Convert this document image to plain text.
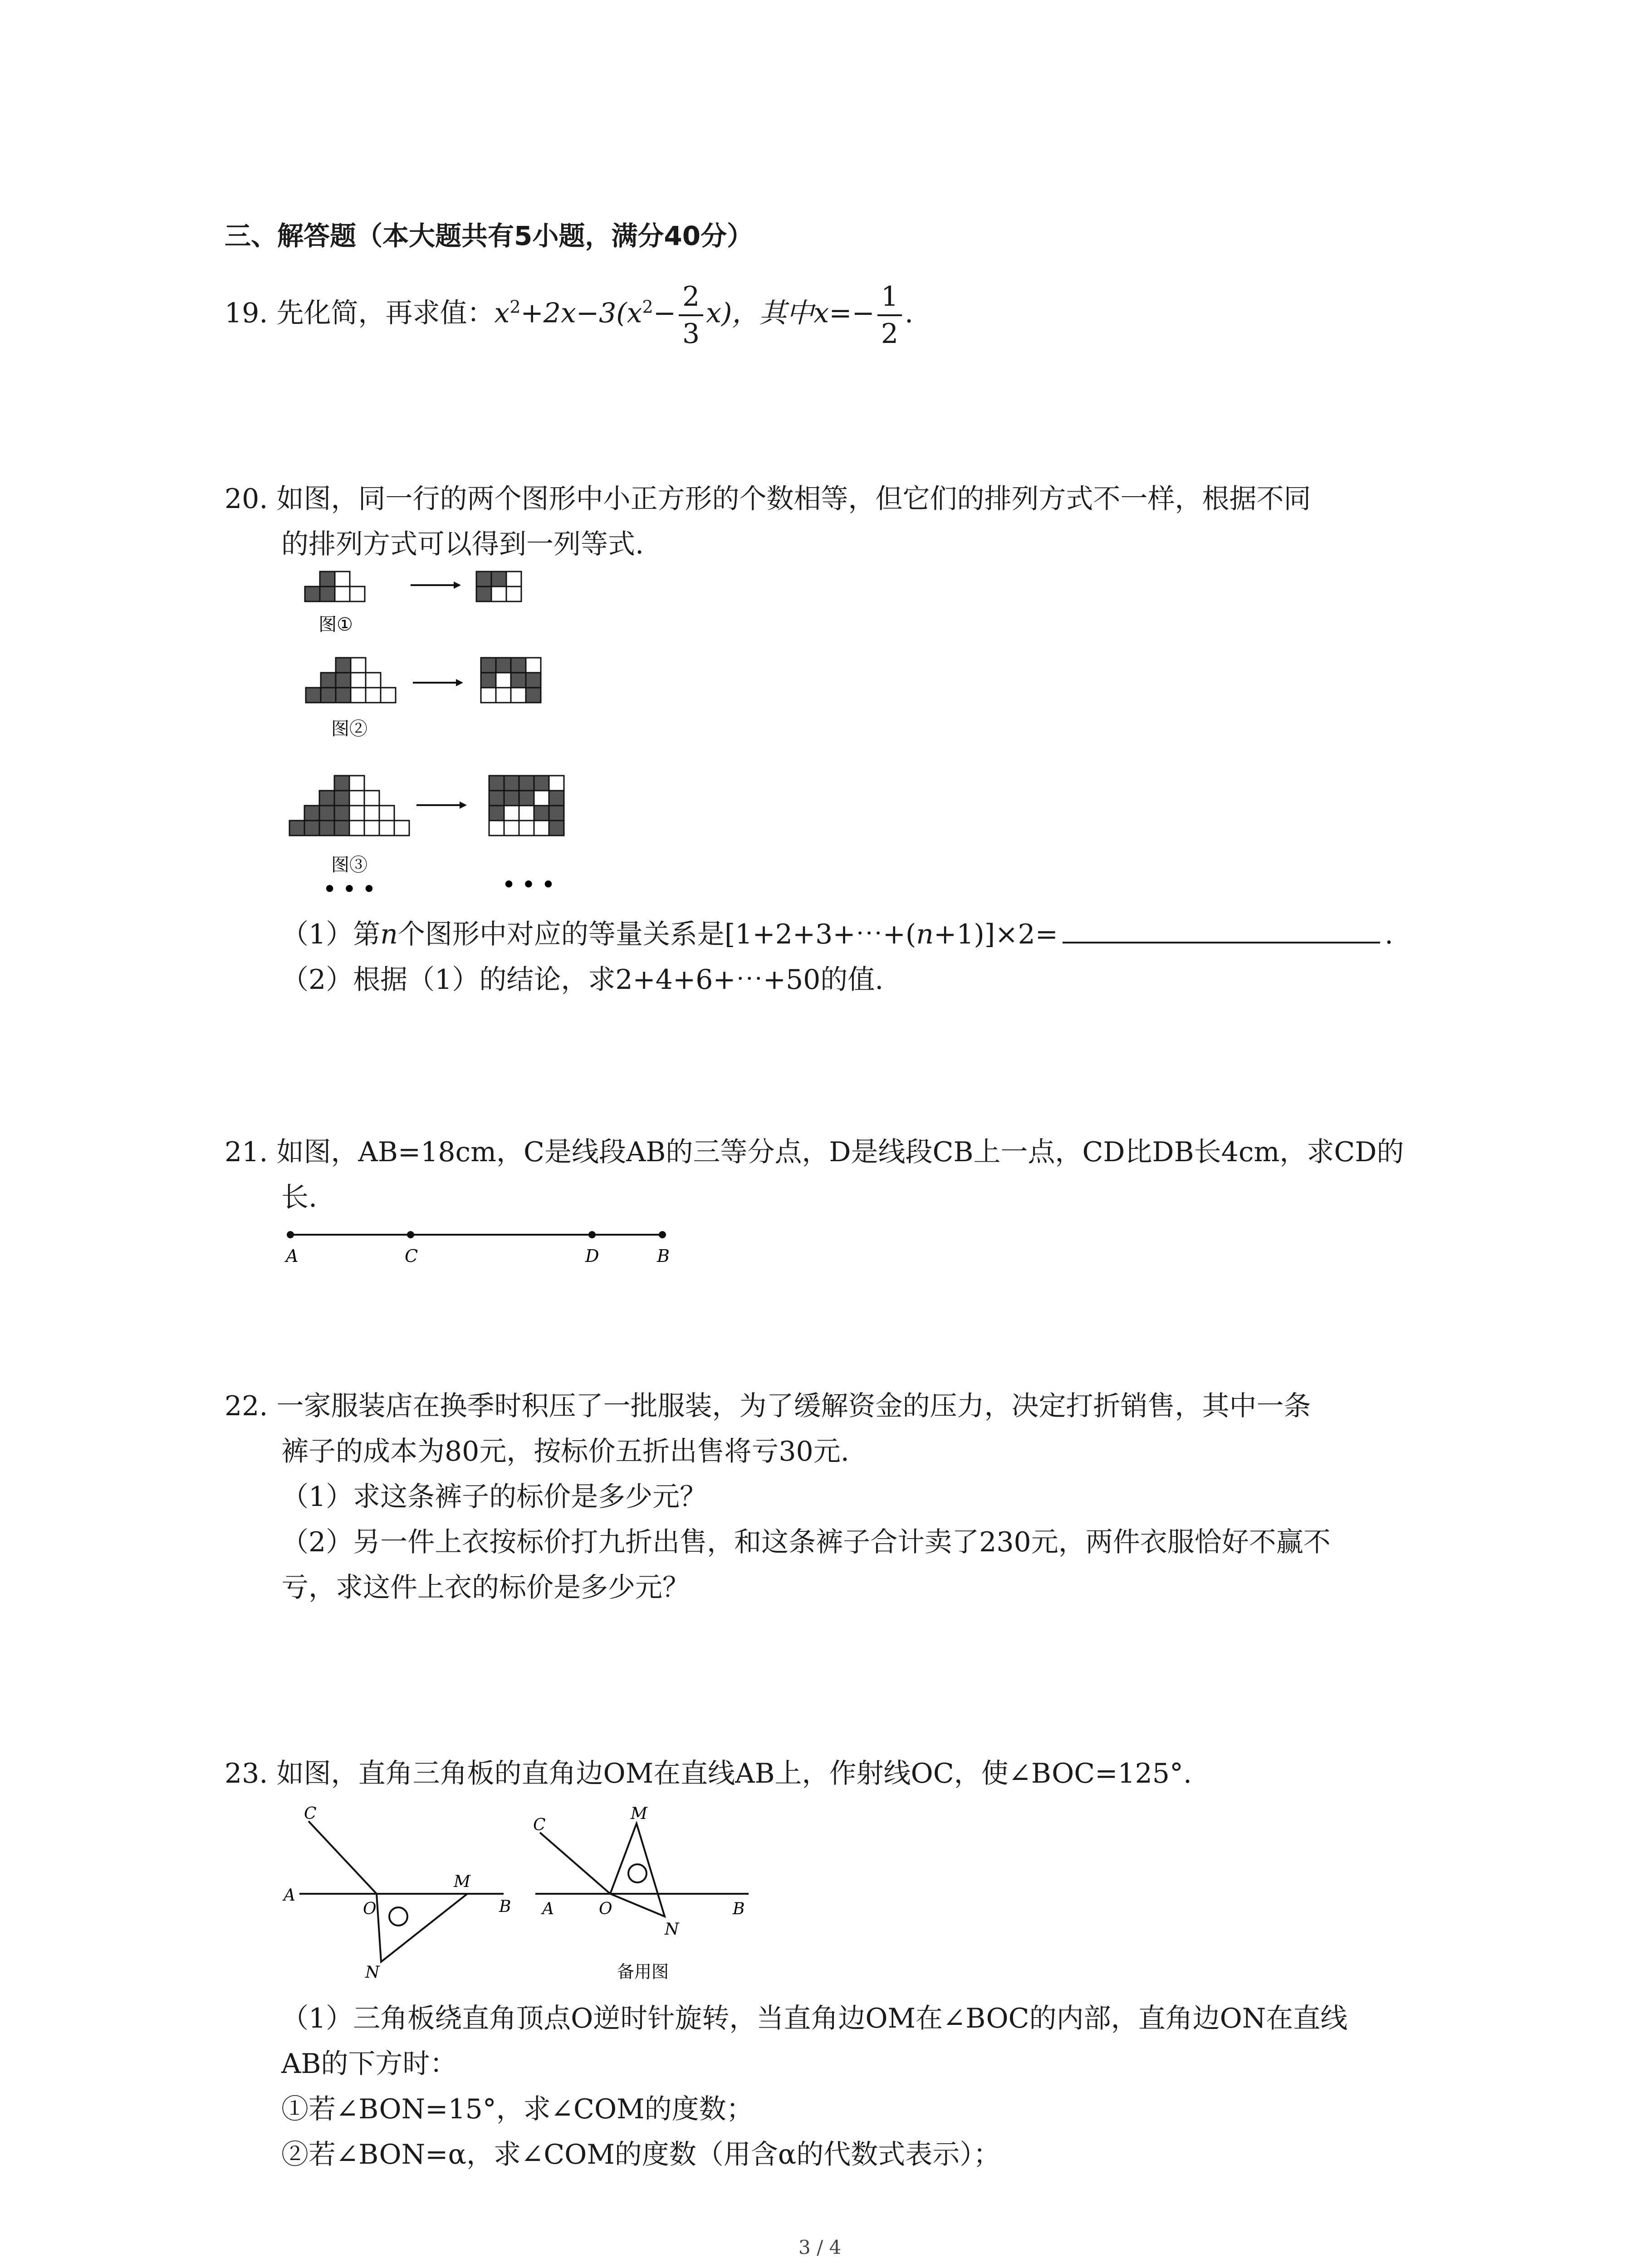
三、解答题（本大题共有5小题，满分40分）
19. 先化简，再求值：$x^2+2x-3(x^2- \frac{2}{3} x)$，其中$x=- \frac{1}{2}$ .
20. 如图，同一行的两个图形中小正方形的个数相等，但它们的排列方式不一样，根据不同
的排列方式可以得到一列等式.
图①
图②
图③
• • •	• • •
（1）第n个图形中对应的等量关系是[1+2+3+⋯+(n+1)]×2=	.
（2）根据（1）的结论，求2+4+6+⋯+50的值.
21. 如图，AB=18cm，C是线段AB的三等分点，D是线段CB上一点，CD比DB长4cm，求CD的
长.
A	C	D	B
22. 一家服装店在换季时积压了一批服装，为了缓解资金的压力，决定打折销售，其中一条
裤子的成本为80元，按标价五折出售将亏30元.
（1）求这条裤子的标价是多少元？
（2）另一件上衣按标价打九折出售，和这条裤子合计卖了230元，两件衣服恰好不赢不
亏，求这件上衣的标价是多少元？
23. 如图，直角三角板的直角边OM在直线AB上，作射线OC，使∠BOC=125°.
C
A
O
M
B
N
C
M
A	O
N
B
备用图
（1）三角板绕直角顶点O逆时针旋转，当直角边OM在∠BOC的内部，直角边ON在直线
AB的下方时：
①若∠BON=15°，求∠COM的度数；
②若∠BON=α，求∠COM的度数（用含α的代数式表示）；
3 / 4
